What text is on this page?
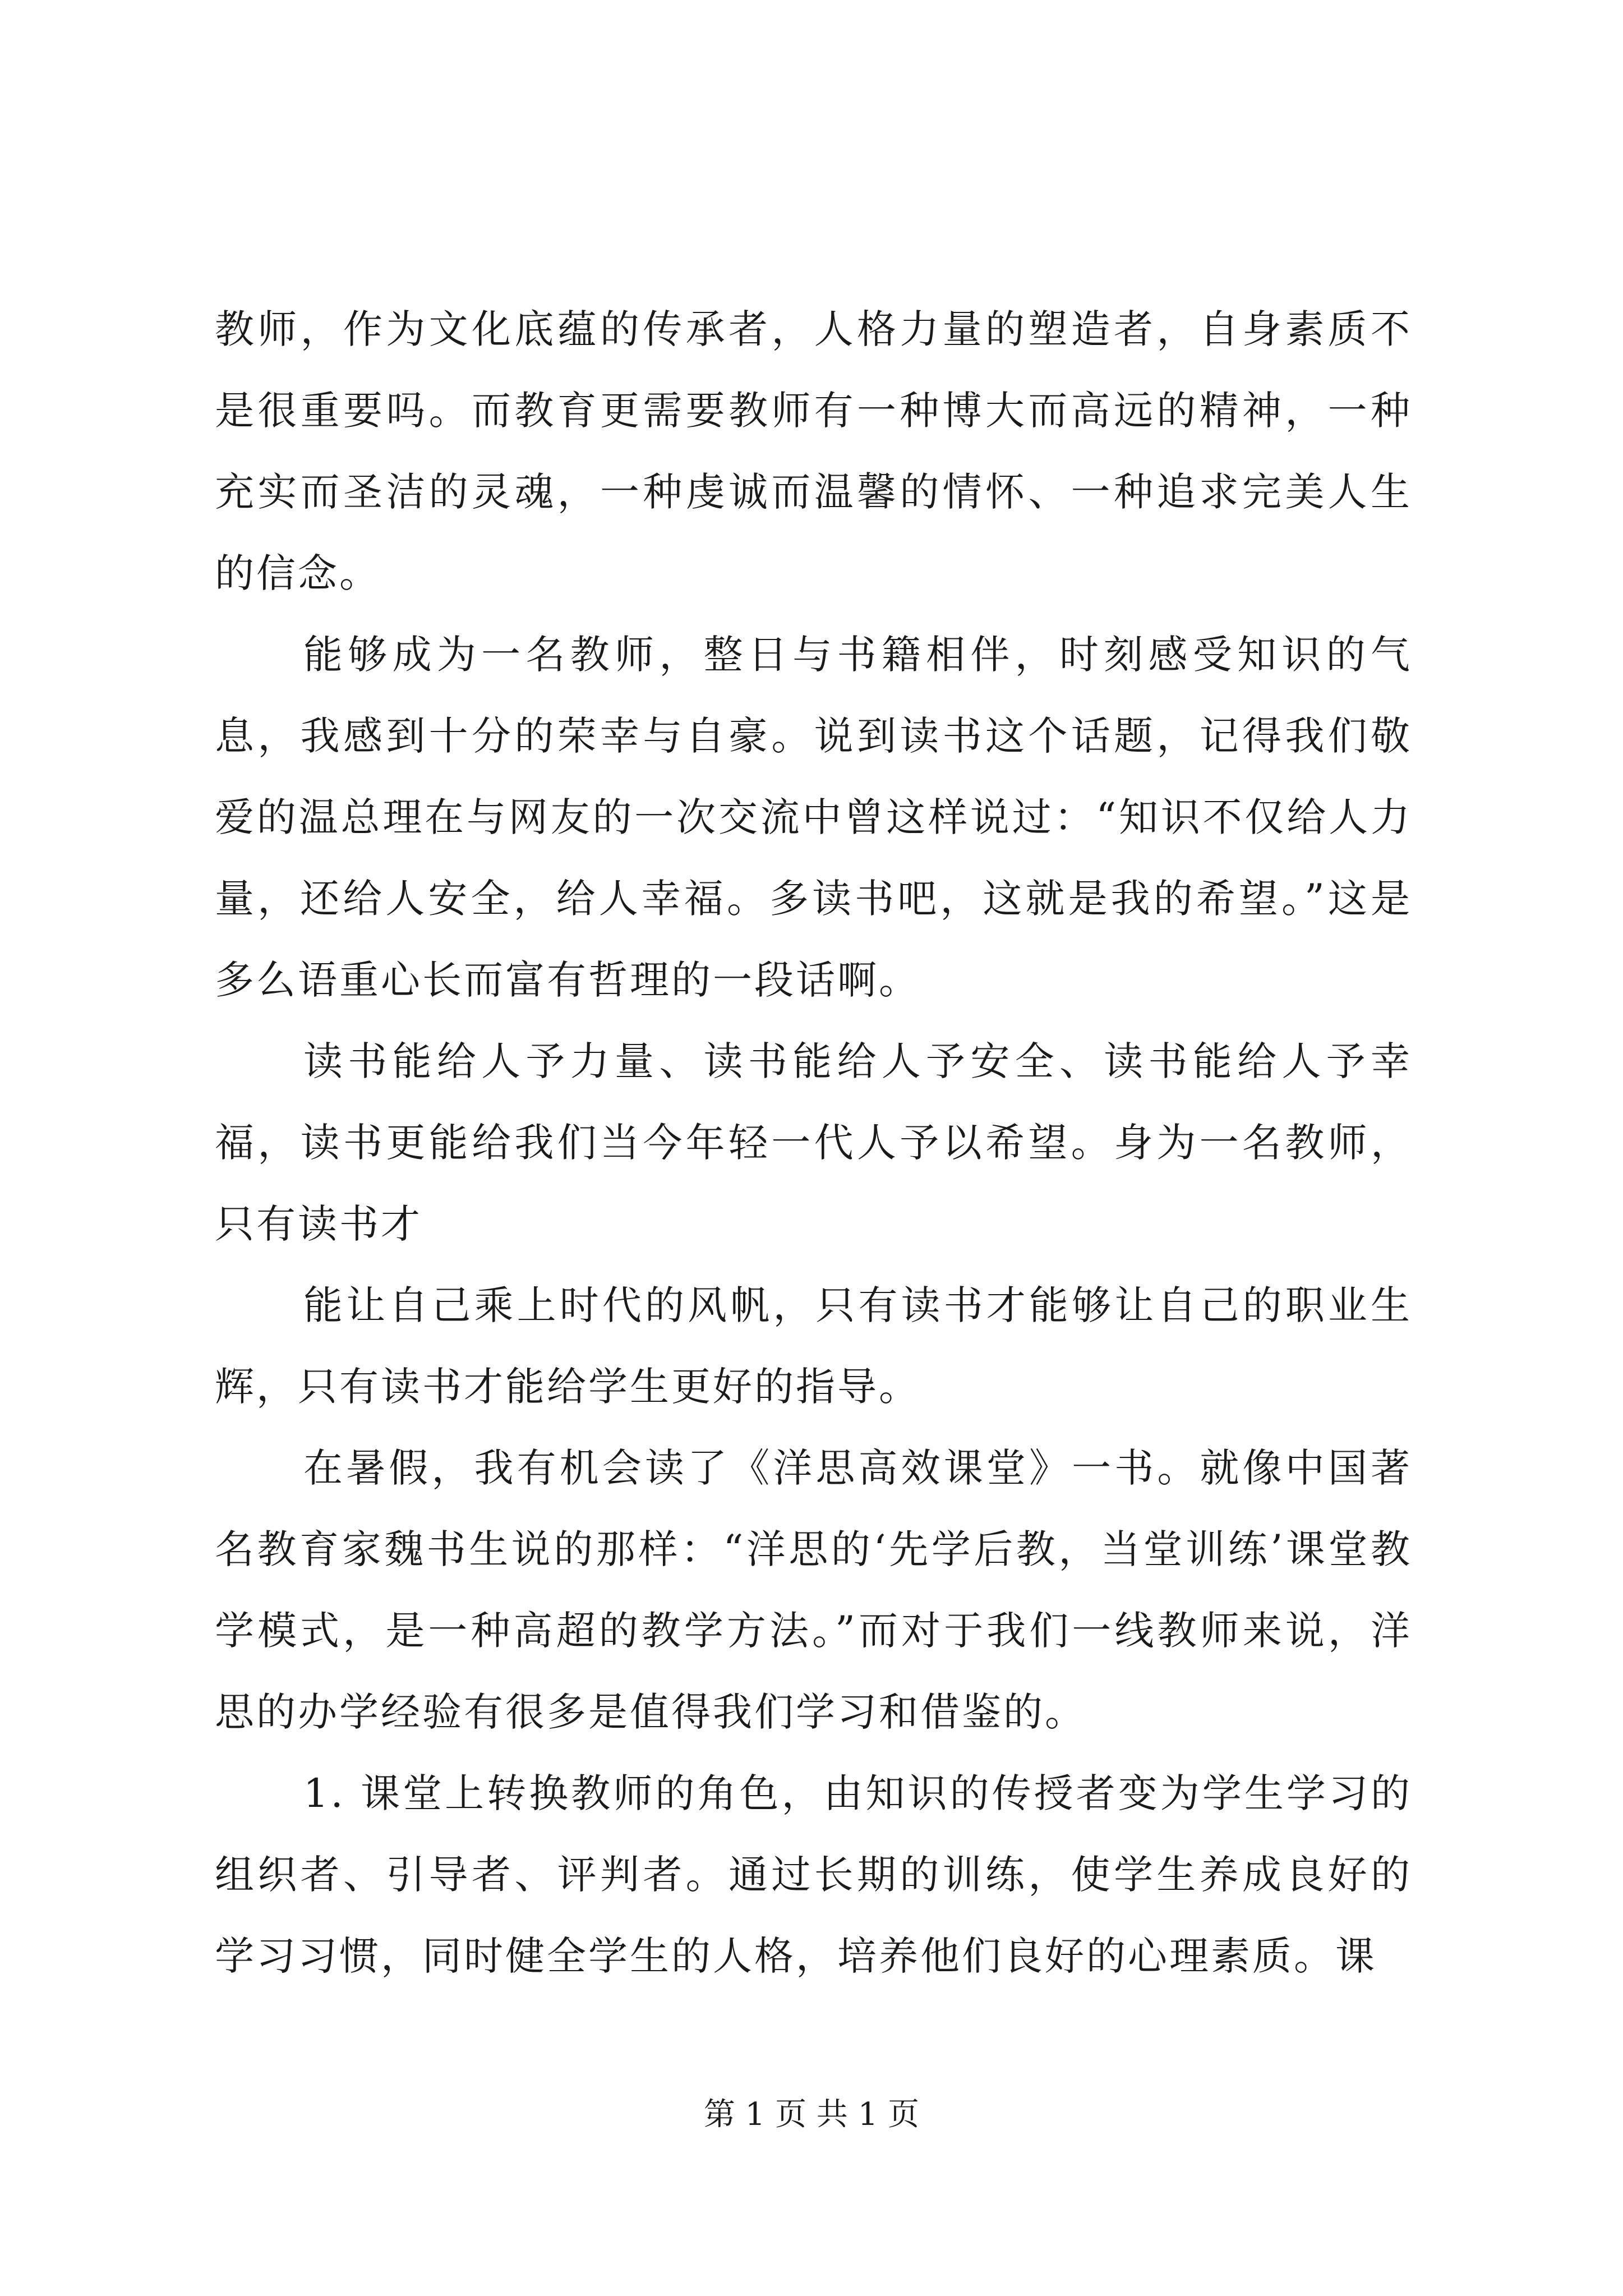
教师，作为文化底蕴的传承者，人格力量的塑造者，自身素质不是很重要吗。而教育更需要教师有一种博大而高远的精神，一种充实而圣洁的灵魂，一种虔诚而温馨的情怀、一种追求完美人生的信念。

能够成为一名教师，整日与书籍相伴，时刻感受知识的气息，我感到十分的荣幸与自豪。说到读书这个话题，记得我们敬爱的温总理在与网友的一次交流中曾这样说过：“知识不仅给人力量，还给人安全，给人幸福。多读书吧，这就是我的希望。”这是多么语重心长而富有哲理的一段话啊。

读书能给人予力量、读书能给人予安全、读书能给人予幸福，读书更能给我们当今年轻一代人予以希望。身为一名教师，只有读书才

能让自己乘上时代的风帆，只有读书才能够让自己的职业生辉，只有读书才能给学生更好的指导。

在暑假，我有机会读了《洋思高效课堂》一书。就像中国著名教育家魏书生说的那样：“洋思的‘先学后教，当堂训练’课堂教学模式，是一种高超的教学方法。”而对于我们一线教师来说，洋思的办学经验有很多是值得我们学习和借鉴的。

1. 课堂上转换教师的角色，由知识的传授者变为学生学习的组织者、引导者、评判者。通过长期的训练，使学生养成良好的学习习惯，同时健全学生的人格，培养他们良好的心理素质。课

第 1 页 共 1 页
